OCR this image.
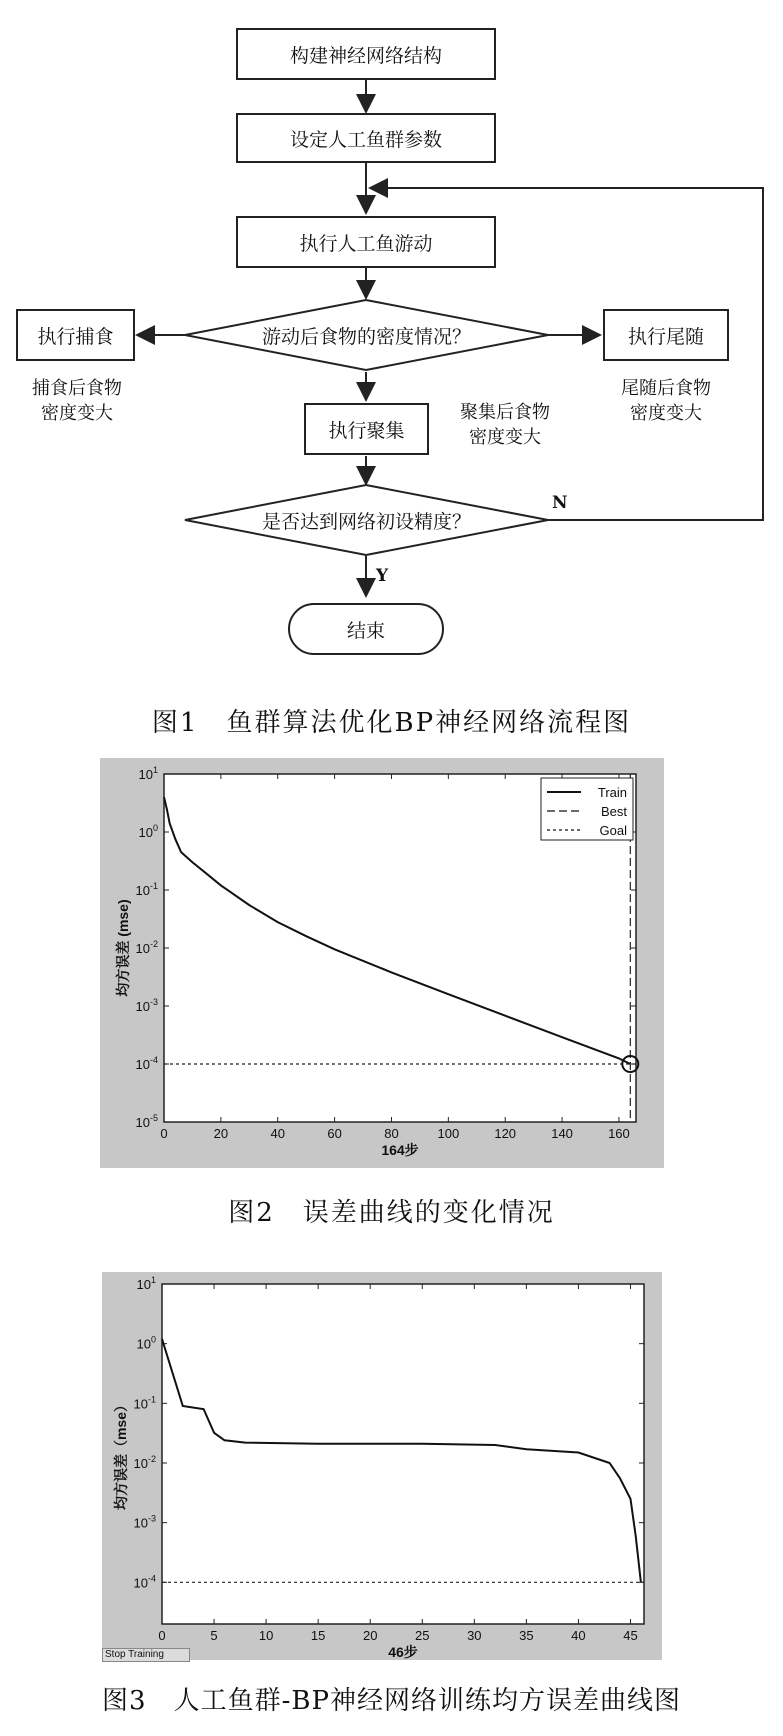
构建神经网络结构
设定人工鱼群参数
执行人工鱼游动
游动后食物的密度情况？
执行捕食	执行尾随
捕食后食物
密度变大
尾随后食物
密度变大
执行聚集
聚集后食物
密度变大
是否达到网络初设精度？
N
Y
结束
图1　鱼群算法优化BP神经网络流程图
0	20	40	60	80	100	120	140	160
$10^1$
$10^0$
$10^{-1}$
$10^{-2}$
$10^{-3}$
$10^{-4}$
$10^{-5}$
164步
均方误差 (mse)
Train
Best
Goal
图2　误差曲线的变化情况
0	5	10	15	20	25	30	35	40	45
$10^1$
$10^0$
$10^{-1}$
$10^{-2}$
$10^{-3}$
$10^{-4}$
46步
均方误差（mse）
Stop Training
图3　人工鱼群-BP神经网络训练均方误差曲线图
